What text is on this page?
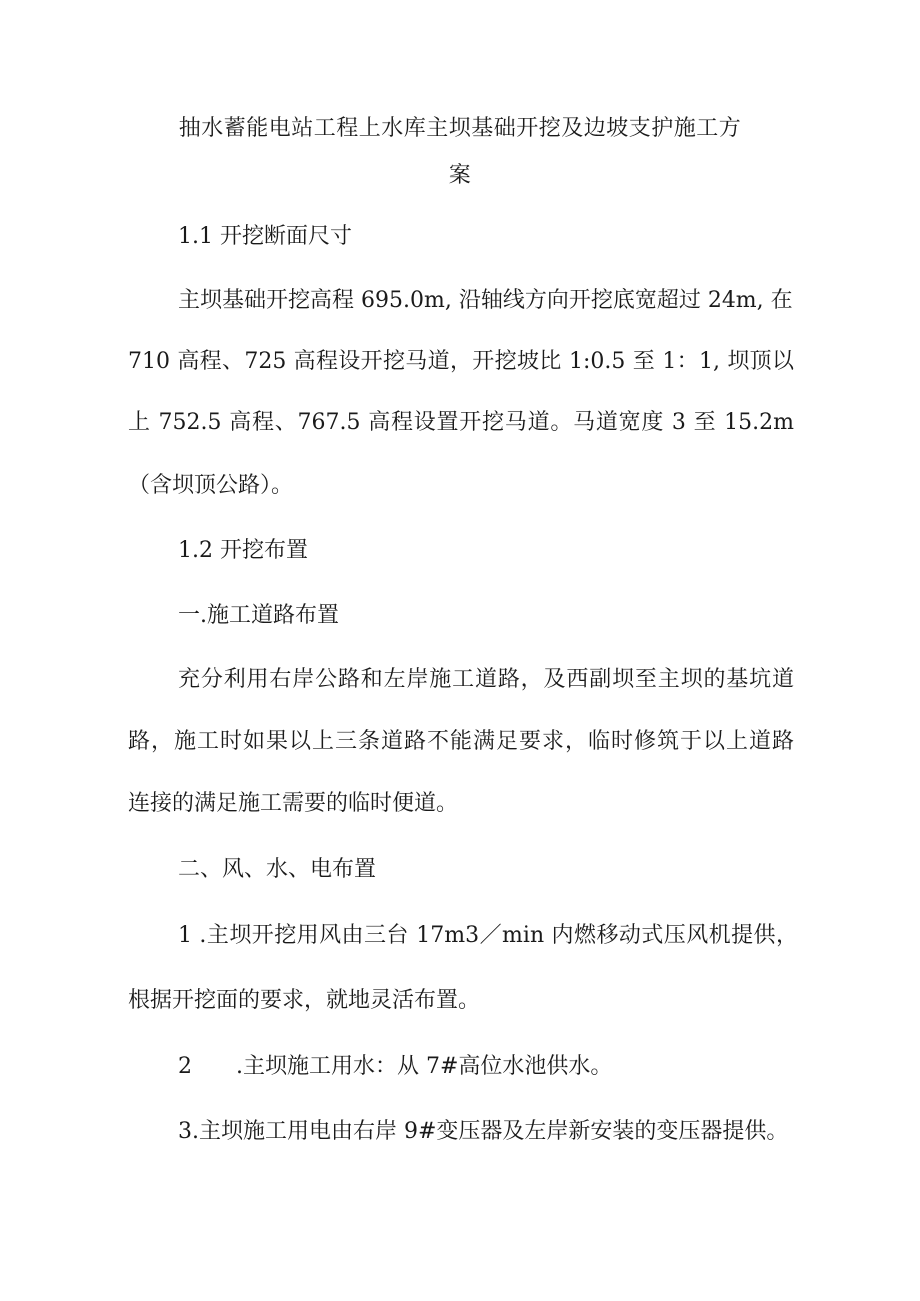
抽水蓄能电站工程上水库主坝基础开挖及边坡支护施工方
案
1.1 开挖断面尺寸
主坝基础开挖高程 695.0m, 沿轴线方向开挖底宽超过 24m, 在
710 高程、725 高程设开挖马道，开挖坡比 1:0.5 至 1：1, 坝顶以
上 752.5 高程、767.5 高程设置开挖马道。马道宽度 3 至 15.2m
（含坝顶公路）。
1.2 开挖布置
一.施工道路布置
充分利用右岸公路和左岸施工道路，及西副坝至主坝的基坑道
路，施工时如果以上三条道路不能满足要求，临时修筑于以上道路
连接的满足施工需要的临时便道。
二、风、水、电布置
1 .主坝开挖用风由三台 17m3／min 内燃移动式压风机提供，
根据开挖面的要求，就地灵活布置。
2　　.主坝施工用水：从 7#高位水池供水。
3.主坝施工用电由右岸 9#变压器及左岸新安装的变压器提供。
